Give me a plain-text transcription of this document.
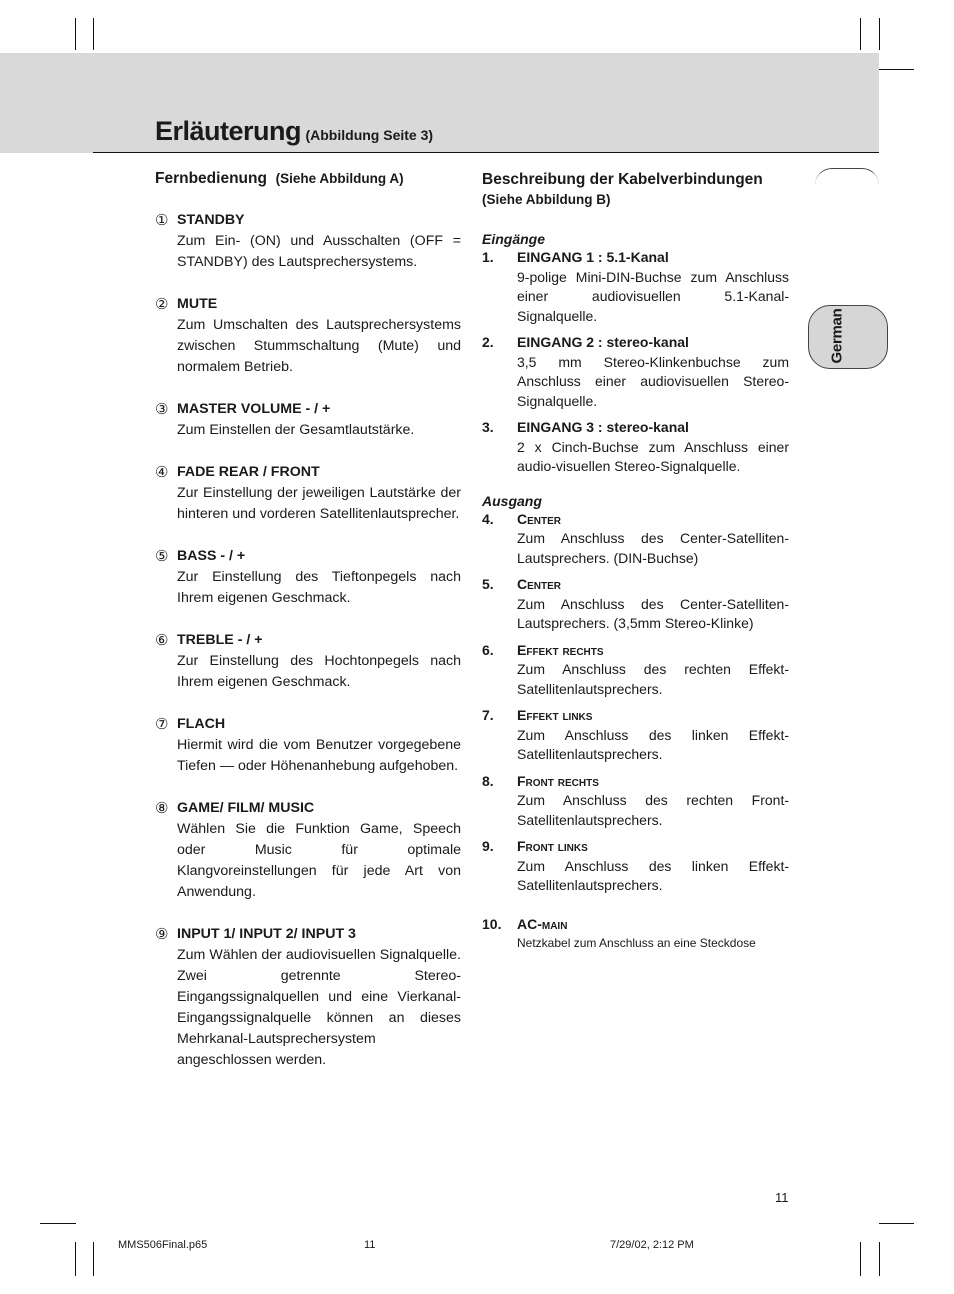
Erläuterung (Abbildung Seite 3)
Fernbedienung (Siehe Abbildung A)
① STANDBY
Zum Ein- (ON) und Ausschalten (OFF = STANDBY) des Lautsprechersystems.
② MUTE
Zum Umschalten des Lautsprechersystems zwischen Stummschaltung (Mute) und normalem Betrieb.
③ MASTER VOLUME - / +
Zum Einstellen der Gesamtlautstärke.
④ FADE REAR / FRONT
Zur Einstellung der jeweiligen Lautstärke der hinteren und vorderen Satellitenlautsprecher.
⑤ BASS - / +
Zur Einstellung des Tieftonpegels nach Ihrem eigenen Geschmack.
⑥ TREBLE - / +
Zur Einstellung des Hochtonpegels nach Ihrem eigenen Geschmack.
⑦ FLACH
Hiermit wird die vom Benutzer vorgegebene Tiefen — oder Höhenanhebung aufgehoben.
⑧ GAME/ FILM/ MUSIC
Wählen Sie die Funktion Game, Speech oder Music für optimale Klangvoreinstellungen für jede Art von Anwendung.
⑨ INPUT 1/ INPUT 2/ INPUT 3
Zum Wählen der audiovisuellen Signalquelle. Zwei getrennte Stereo-Eingangssignalquellen und eine Vierkanal-Eingangssignalquelle können an dieses Mehrkanal-Lautsprechersystem angeschlossen werden.
Beschreibung der Kabelverbindungen
(Siehe Abbildung B)
Eingänge
1. EINGANG 1 : 5.1-Kanal
9-polige Mini-DIN-Buchse zum Anschluss einer audiovisuellen 5.1-Kanal-Signalquelle.
2. EINGANG 2 : stereo-kanal
3,5 mm Stereo-Klinkenbuchse zum Anschluss einer audiovisuellen Stereo-Signalquelle.
3. EINGANG 3 : stereo-kanal
2 x Cinch-Buchse zum Anschluss einer audio-visuellen Stereo-Signalquelle.
Ausgang
4. Center
Zum Anschluss des Center-Satelliten-Lautsprechers. (DIN-Buchse)
5. Center
Zum Anschluss des Center-Satelliten-Lautsprechers. (3,5mm Stereo-Klinke)
6. Effekt rechts
Zum Anschluss des rechten Effekt-Satellitenlautsprechers.
7. Effekt links
Zum Anschluss des linken Effekt-Satellitenlautsprechers.
8. Front rechts
Zum Anschluss des rechten Front-Satellitenlautsprechers.
9. Front links
Zum Anschluss des linken Effekt-Satellitenlautsprechers.
10. AC-main
Netzkabel zum Anschluss an eine Steckdose
German
11
MMS506Final.p65	11	7/29/02, 2:12 PM
